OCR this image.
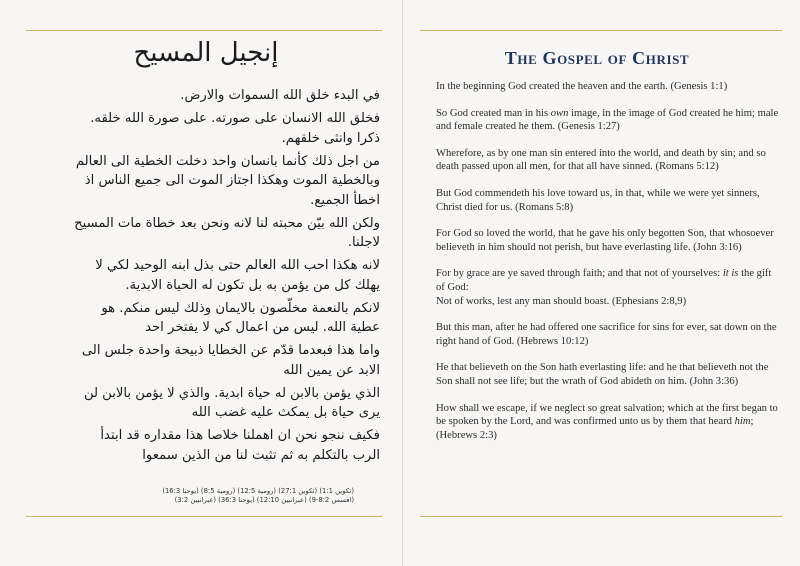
إنجيل المسيح

في البدء خلق الله السموات والارض.

فخلق الله الانسان على صورته. على صورة الله خلقه.
ذكرا وانثى خلقهم.

من اجل ذلك كأنما بانسان واحد دخلت الخطية الى العالم
وبالخطية الموت وهكذا اجتاز الموت الى جميع الناس اذ
اخطأ الجميع.

ولكن الله بيّن محبته لنا لانه ونحن بعد خطاة مات المسيح
لاجلنا.

لانه هكذا احب الله العالم حتى بذل ابنه الوحيد لكي لا
يهلك كل من يؤمن به بل تكون له الحياة الابدية.

لانكم بالنعمة مخلّصون بالايمان وذلك ليس منكم. هو
عطية الله. ليس من اعمال كي لا يفتخر احد

واما هذا فبعدما قدّم عن الخطايا ذبيحة واحدة جلس الى
الابد عن يمين الله

الذي يؤمن بالابن له حياة ابدية. والذي لا يؤمن بالابن لن
يرى حياة بل يمكث عليه غضب الله

فكيف ننجو نحن ان اهملنا خلاصا هذا مقداره قد ابتدأ
الرب بالتكلم به ثم تثبت لنا من الذين سمعوا

(تكوين 1:1) (تكوين 27:1) (رومية 12:5) (رومية 8:5) (يوحنا 16:3)
(افسس 8:2-9) (عبرانيين 12:10) (يوحنا 36:3) (عبرانيين 3:2)
The Gospel of Christ

In the beginning God created the heaven and the earth. (Genesis 1:1)

So God created man in his own image, in the image of God created he him; male and female created he them. (Genesis 1:27)

Wherefore, as by one man sin entered into the world, and death by sin; and so death passed upon all men, for that all have sinned. (Romans 5:12)

But God commendeth his love toward us, in that, while we were yet sinners, Christ died for us. (Romans 5:8)

For God so loved the world, that he gave his only begotten Son, that whosoever believeth in him should not perish, but have everlasting life. (John 3:16)

For by grace are ye saved through faith; and that not of yourselves: it is the gift of God:
Not of works, lest any man should boast. (Ephesians 2:8,9)

But this man, after he had offered one sacrifice for sins for ever, sat down on the right hand of God. (Hebrews 10:12)

He that believeth on the Son hath everlasting life: and he that believeth not the Son shall not see life; but the wrath of God abideth on him. (John 3:36)

How shall we escape, if we neglect so great salvation; which at the first began to be spoken by the Lord, and was confirmed unto us by them that heard him; (Hebrews 2:3)
